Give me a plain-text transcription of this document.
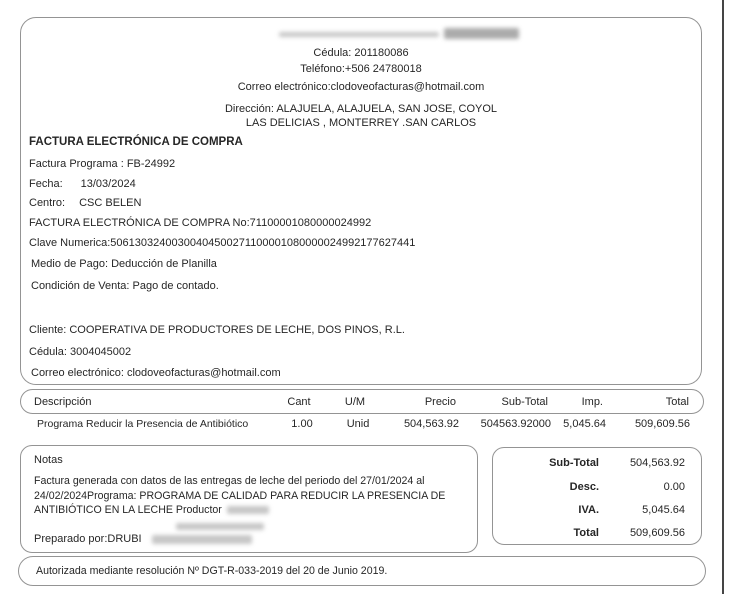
Cédula: 201180086
Teléfono:+506 24780018
Correo electrónico:clodoveofacturas@hotmail.com
Dirección: ALAJUELA, ALAJUELA, SAN JOSE, COYOL
LAS DELICIAS , MONTERREY .SAN CARLOS
FACTURA ELECTRÓNICA DE COMPRA
Factura Programa : FB-24992
Fecha: 13/03/2024
Centro: CSC BELEN
FACTURA ELECTRÓNICA DE COMPRA No:71100001080000024992
Clave Numerica:50613032400300404500271100001080000024992177627441
Medio de Pago: Deducción de Planilla
Condición de Venta: Pago de contado.
Cliente: COOPERATIVA DE PRODUCTORES DE LECHE, DOS PINOS, R.L.
Cédula: 3004045002
Correo electrónico: clodoveofacturas@hotmail.com
Descripción	Cant	U/M	Precio	Sub-Total	Imp.	Total
Programa Reducir la Presencia de Antibiótico	1.00	Unid	504,563.92	504563.92000	5,045.64	509,609.56
Notas
Factura generada con datos de las entregas de leche del periodo del 27/01/2024 al
24/02/2024Programa: PROGRAMA DE CALIDAD PARA REDUCIR LA PRESENCIA DE
ANTIBIÓTICO EN LA LECHE Productor
Preparado por:DRUBI
Sub-Total	504,563.92
Desc.	0.00
IVA.	5,045.64
Total	509,609.56
Autorizada mediante resolución Nº DGT-R-033-2019 del 20 de Junio 2019.
